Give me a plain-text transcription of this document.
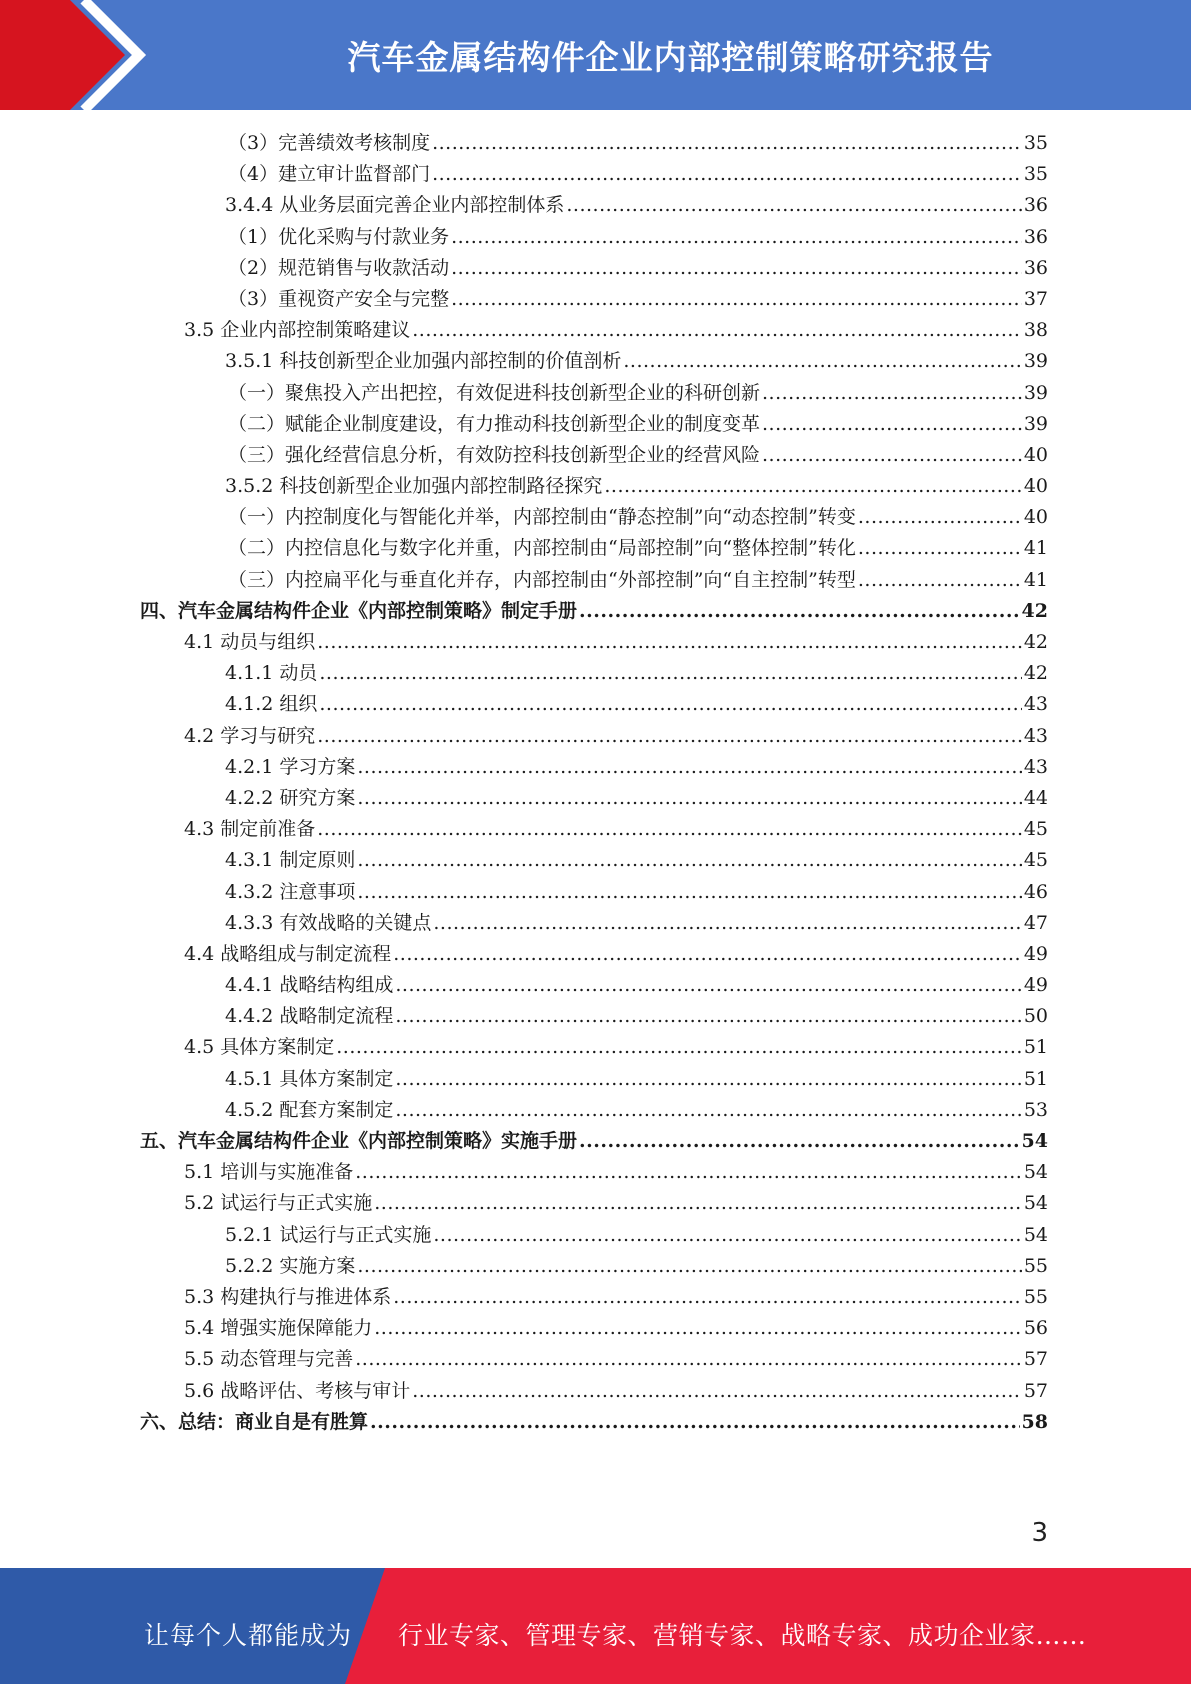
汽车金属结构件企业内部控制策略研究报告
（3）完善绩效考核制度 .....	35
（4）建立审计监督部门 .....	35
3.4.4 从业务层面完善企业内部控制体系 .....	36
（1）优化采购与付款业务 .....	36
（2）规范销售与收款活动 .....	36
（3）重视资产安全与完整 .....	37
3.5 企业内部控制策略建议 .....	38
3.5.1 科技创新型企业加强内部控制的价值剖析 .....	39
（一）聚焦投入产出把控，有效促进科技创新型企业的科研创新 .....	39
（二）赋能企业制度建设，有力推动科技创新型企业的制度变革 .....	39
（三）强化经营信息分析，有效防控科技创新型企业的经营风险 .....	40
3.5.2 科技创新型企业加强内部控制路径探究 .....	40
（一）内控制度化与智能化并举，内部控制由“静态控制”向“动态控制”转变 .....	40
（二）内控信息化与数字化并重，内部控制由“局部控制”向“整体控制”转化 .....	41
（三）内控扁平化与垂直化并存，内部控制由“外部控制”向“自主控制”转型 .....	41
四、汽车金属结构件企业《内部控制策略》制定手册 .....	42
4.1 动员与组织 .....	42
4.1.1 动员 .....	42
4.1.2 组织 .....	43
4.2 学习与研究 .....	43
4.2.1 学习方案 .....	43
4.2.2 研究方案 .....	44
4.3 制定前准备 .....	45
4.3.1 制定原则 .....	45
4.3.2 注意事项 .....	46
4.3.3 有效战略的关键点 .....	47
4.4 战略组成与制定流程 .....	49
4.4.1 战略结构组成 .....	49
4.4.2 战略制定流程 .....	50
4.5 具体方案制定 .....	51
4.5.1 具体方案制定 .....	51
4.5.2 配套方案制定 .....	53
五、汽车金属结构件企业《内部控制策略》实施手册 .....	54
5.1 培训与实施准备 .....	54
5.2 试运行与正式实施 .....	54
5.2.1 试运行与正式实施 .....	54
5.2.2 实施方案 .....	55
5.3 构建执行与推进体系 .....	55
5.4 增强实施保障能力 .....	56
5.5 动态管理与完善 .....	57
5.6 战略评估、考核与审计 .....	57
六、总结：商业自是有胜算 .....	58
3
让每个人都能成为 行业专家、管理专家、营销专家、战略专家、成功企业家……
